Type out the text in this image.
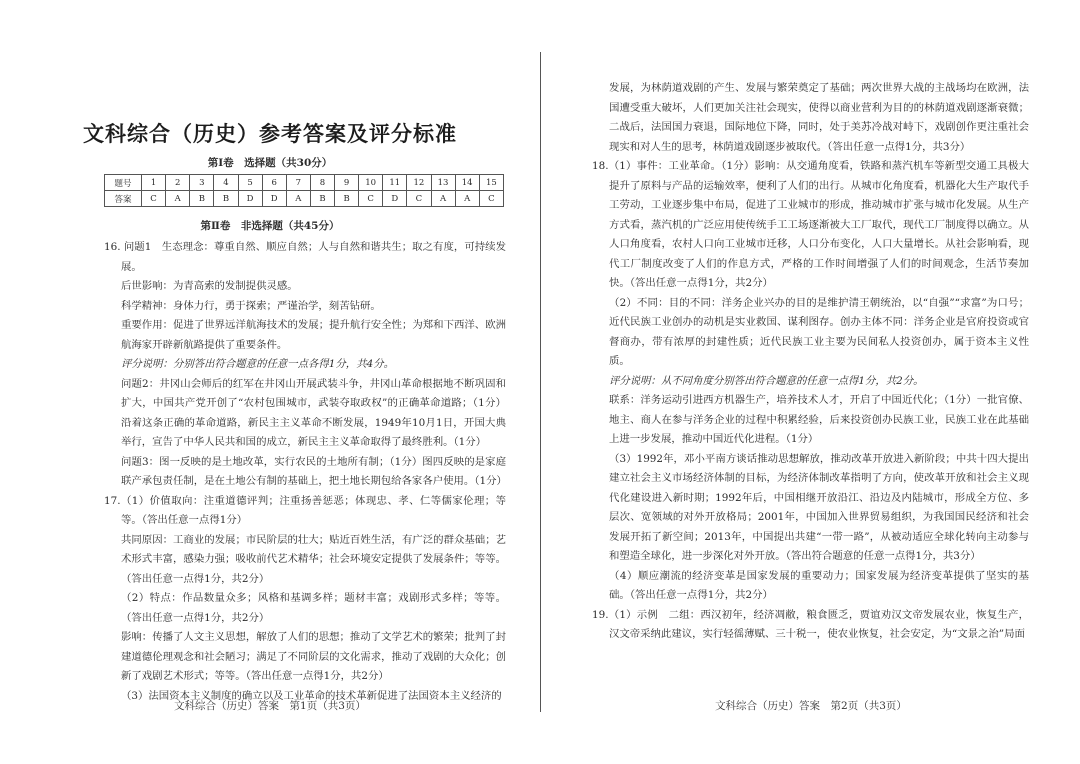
文科综合（历史）参考答案及评分标准
第Ⅰ卷　选择题（共30分）
题号	1	2	3	4	5	6	7	8	9	10	11	12	13	14	15
答案	C	A	B	B	D	D	A	B	B	C	D	C	A	A	C
第Ⅱ卷　非选择题（共45分）

16. 问题1　生态理念：尊重自然、顺应自然；人与自然和谐共生；取之有度，可持续发展。

后世影响：为青高索的发制提供灵感。

科学精神：身体力行，勇于探索；严谨治学，刻苦钻研。

重要作用：促进了世界远洋航海技术的发展；提升航行安全性；为郑和下西洋、欧洲航海家开辟新航路提供了重要条件。

评分说明：分别答出符合题意的任意一点各得1分，共4分。

问题2：井冈山会师后的红军在井冈山开展武装斗争，井冈山革命根据地不断巩固和扩大，中国共产党开创了“农村包围城市，武装夺取政权”的正确革命道路；（1分）沿着这条正确的革命道路，新民主主义革命不断发展，1949年10月1日，开国大典举行，宣告了中华人民共和国的成立，新民主主义革命取得了最终胜利。（1分）

问题3：图一反映的是土地改革，实行农民的土地所有制；（1分）图四反映的是家庭联产承包责任制，是在土地公有制的基础上，把土地长期包给各家各户使用。（1分）

17.（1）价值取向：注重道德评判；注重扬善惩恶；体现忠、孝、仁等儒家伦理；等等。（答出任意一点得1分）

共同原因：工商业的发展；市民阶层的壮大；贴近百姓生活，有广泛的群众基础；艺术形式丰富，感染力强；吸收前代艺术精华；社会环境安定提供了发展条件；等等。（答出任意一点得1分，共2分）

（2）特点：作品数量众多；风格和基调多样；题材丰富；戏剧形式多样；等等。（答出任意一点得1分，共2分）

影响：传播了人文主义思想，解放了人们的思想；推动了文学艺术的繁荣；批判了封建道德伦理观念和社会陋习；满足了不同阶层的文化需求，推动了戏剧的大众化；创新了戏剧艺术形式；等等。（答出任意一点得1分，共2分）

（3）法国资本主义制度的确立以及工业革命的技术革新促进了法国资本主义经济的

文科综合（历史）答案　第1页（共3页）

发展，为林荫道戏剧的产生、发展与繁荣奠定了基础；两次世界大战的主战场均在欧洲，法国遭受重大破坏，人们更加关注社会现实，使得以商业营利为目的的林荫道戏剧逐渐衰微；二战后，法国国力衰退，国际地位下降，同时，处于美苏冷战对峙下，戏剧创作更注重社会现实和对人生的思考，林荫道戏剧逐步被取代。（答出任意一点得1分，共3分）

18.（1）事件：工业革命。（1分）影响：从交通角度看，铁路和蒸汽机车等新型交通工具极大提升了原料与产品的运输效率，便利了人们的出行。从城市化角度看，机器化大生产取代手工劳动，工业逐步集中布局，促进了工业城市的形成，推动城市扩张与城市化发展。从生产方式看，蒸汽机的广泛应用使传统手工工场逐渐被大工厂取代，现代工厂制度得以确立。从人口角度看，农村人口向工业城市迁移，人口分布变化，人口大量增长。从社会影响看，现代工厂制度改变了人们的作息方式，严格的工作时间增强了人们的时间观念，生活节奏加快。（答出任意一点得1分，共2分）

（2）不同：目的不同：洋务企业兴办的目的是维护清王朝统治，以“自强”“求富”为口号；近代民族工业创办的动机是实业救国、谋利图存。创办主体不同：洋务企业是官府投资或官督商办，带有浓厚的封建性质；近代民族工业主要为民间私人投资创办，属于资本主义性质。

评分说明：从不同角度分别答出符合题意的任意一点得1分，共2分。

联系：洋务运动引进西方机器生产，培养技术人才，开启了中国近代化；（1分）一批官僚、地主、商人在参与洋务企业的过程中积累经验，后来投资创办民族工业，民族工业在此基础上进一步发展，推动中国近代化进程。（1分）

（3）1992年，邓小平南方谈话推动思想解放，推动改革开放进入新阶段；中共十四大提出建立社会主义市场经济体制的目标，为经济体制改革指明了方向，使改革开放和社会主义现代化建设进入新时期；1992年后，中国相继开放沿江、沿边及内陆城市，形成全方位、多层次、宽领域的对外开放格局；2001年，中国加入世界贸易组织，为我国国民经济和社会发展开拓了新空间；2013年，中国提出共建“一带一路”，从被动适应全球化转向主动参与和塑造全球化，进一步深化对外开放。（答出符合题意的任意一点得1分，共3分）

（4）顺应潮流的经济变革是国家发展的重要动力；国家发展为经济变革提供了坚实的基础。（答出任意一点得1分，共2分）

19.（1）示例　二组：西汉初年，经济凋敝，粮食匮乏，贾谊劝汉文帝发展农业，恢复生产，汉文帝采纳此建议，实行轻徭薄赋、三十税一，使农业恢复，社会安定，为“文景之治”局面

文科综合（历史）答案　第2页（共3页）
